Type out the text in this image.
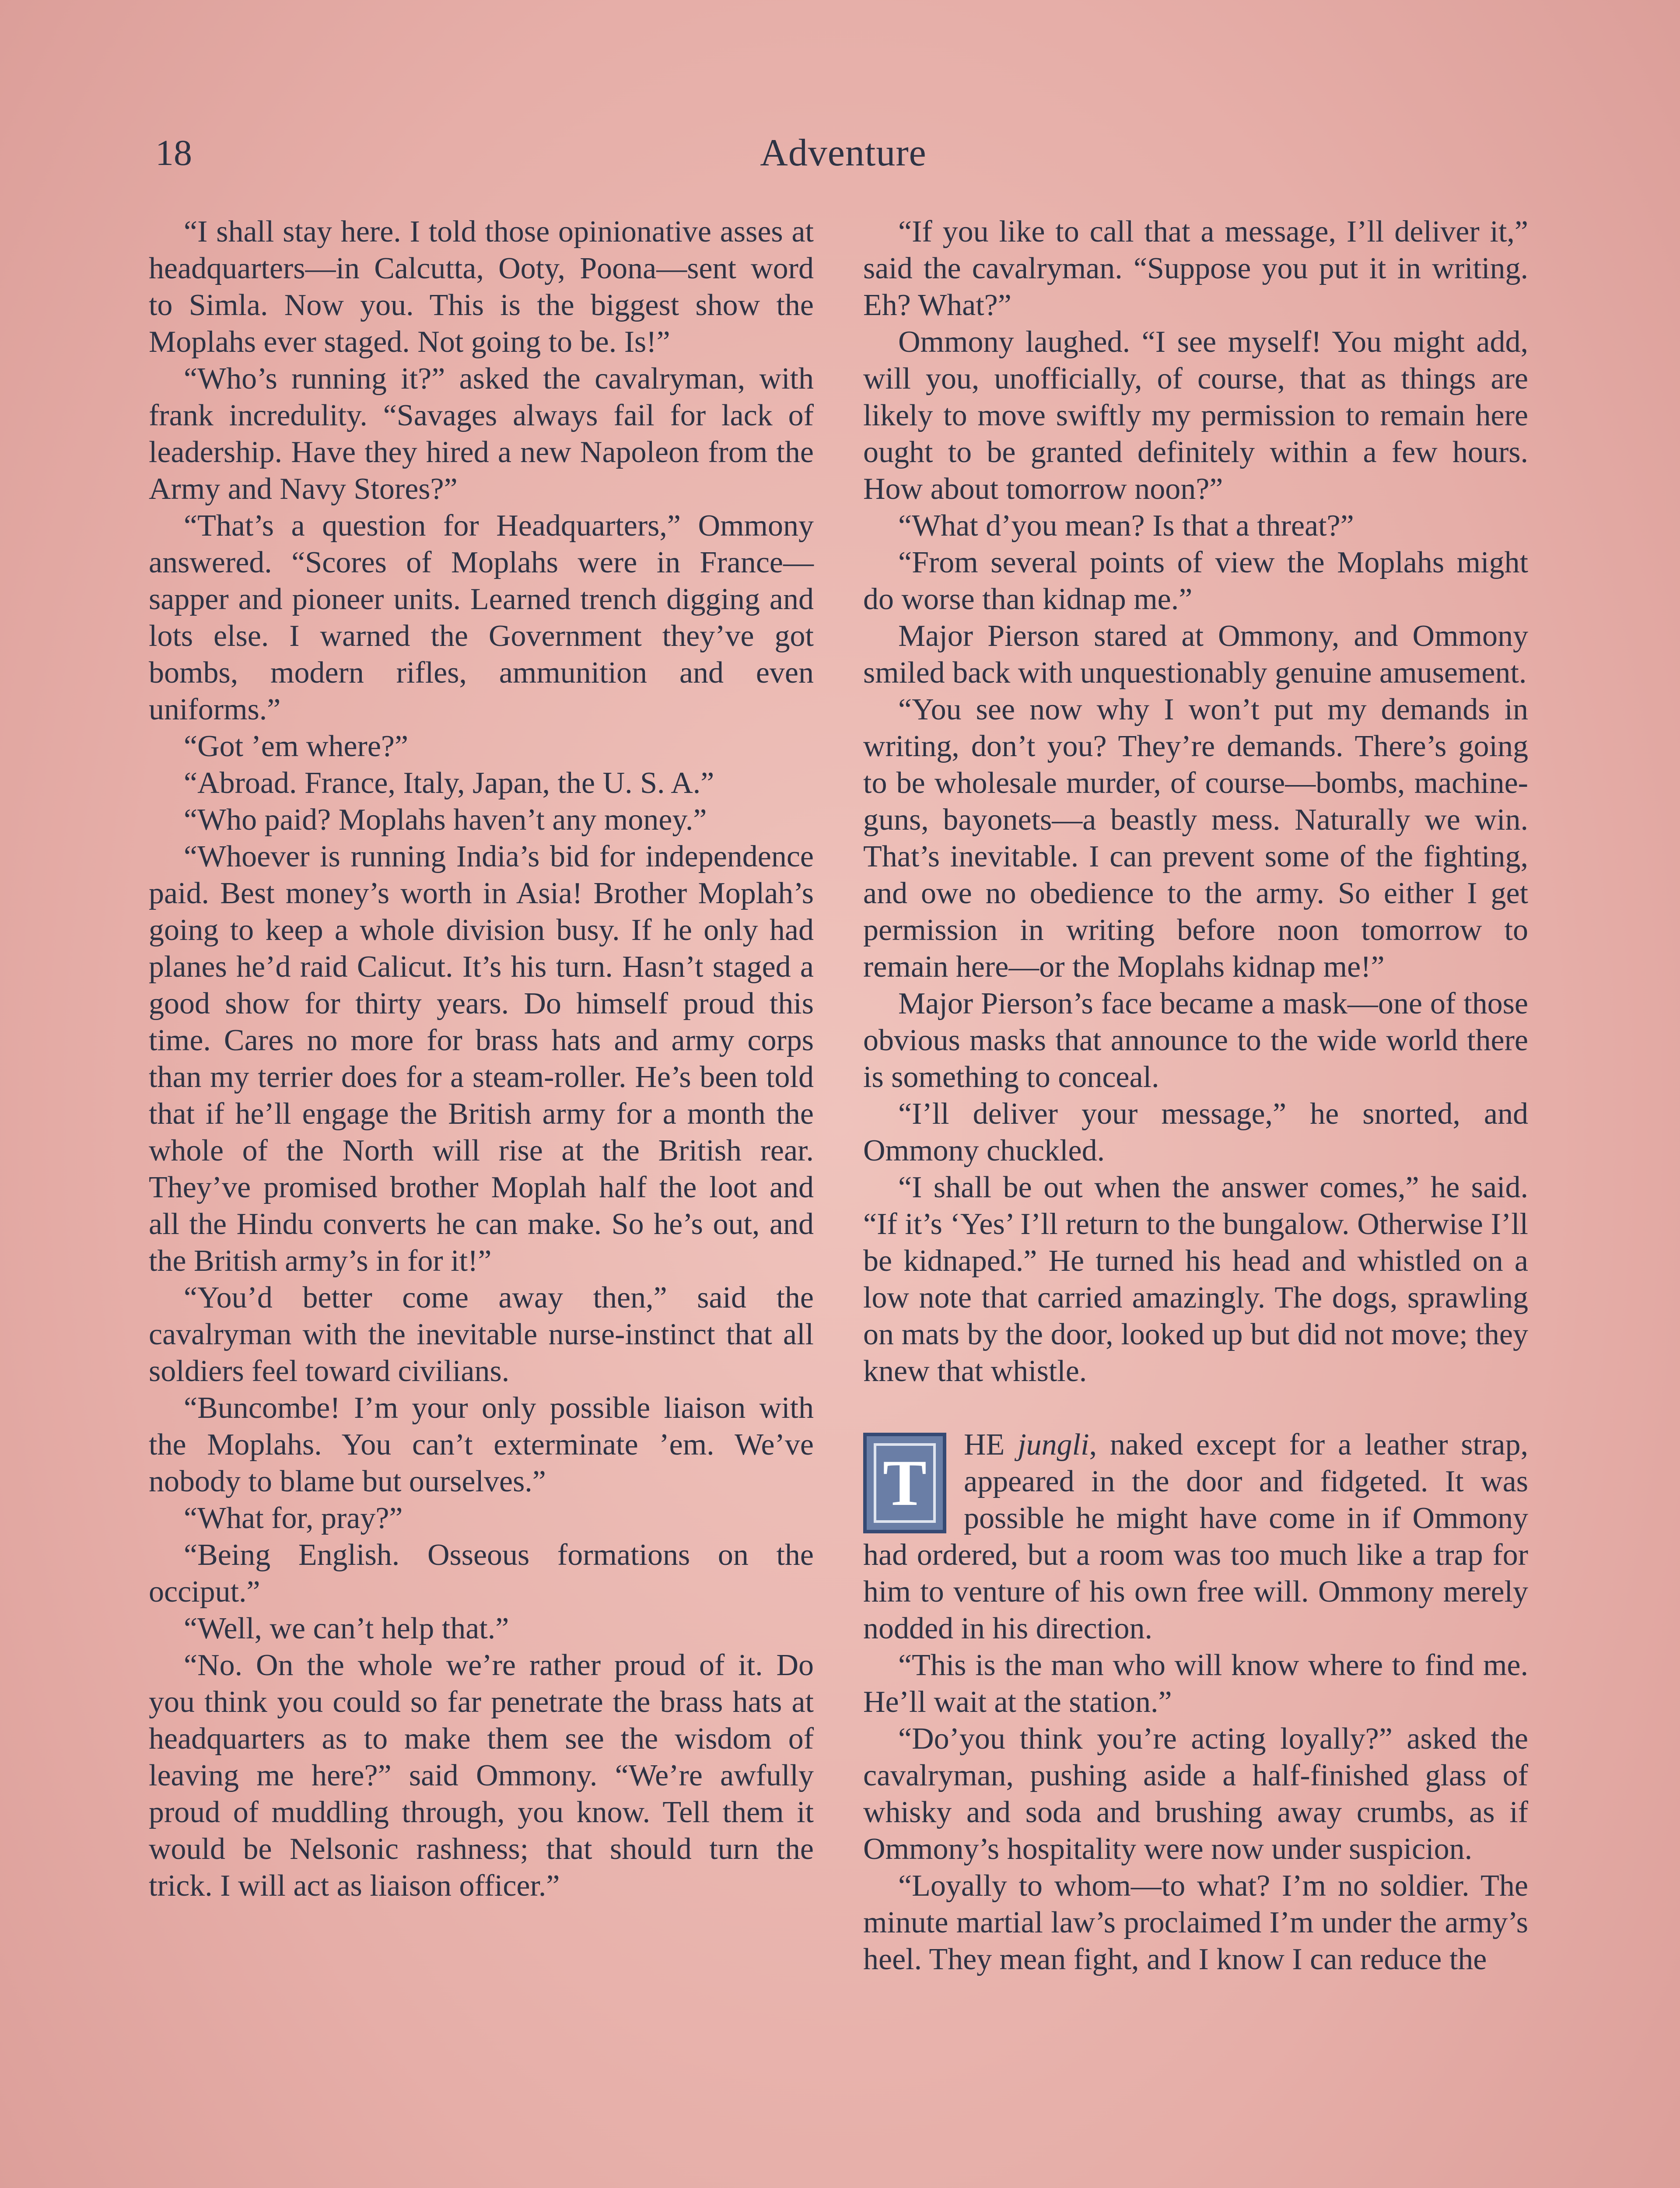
18	Adventure

“I shall stay here. I told those opinionative asses at headquarters—in Calcutta, Ooty, Poona—sent word to Simla. Now you. This is the biggest show the Moplahs ever staged. Not going to be. Is!”

“Who’s running it?” asked the cavalryman, with frank incredulity. “Savages always fail for lack of leadership. Have they hired a new Napoleon from the Army and Navy Stores?”

“That’s a question for Headquarters,” Ommony answered. “Scores of Moplahs were in France—sapper and pioneer units. Learned trench digging and lots else. I warned the Government they’ve got bombs, modern rifles, ammunition and even uniforms.”

“Got ’em where?”

“Abroad. France, Italy, Japan, the U. S. A.”

“Who paid? Moplahs haven’t any money.”

“Whoever is running India’s bid for independence paid. Best money’s worth in Asia! Brother Moplah’s going to keep a whole division busy. If he only had planes he’d raid Calicut. It’s his turn. Hasn’t staged a good show for thirty years. Do himself proud this time. Cares no more for brass hats and army corps than my terrier does for a steam-roller. He’s been told that if he’ll engage the British army for a month the whole of the North will rise at the British rear. They’ve promised brother Moplah half the loot and all the Hindu converts he can make. So he’s out, and the British army’s in for it!”

“You’d better come away then,” said the cavalryman with the inevitable nurse-instinct that all soldiers feel toward civilians.

“Buncombe! I’m your only possible liaison with the Moplahs. You can’t exterminate ’em. We’ve nobody to blame but ourselves.”

“What for, pray?”

“Being English. Osseous formations on the occiput.”

“Well, we can’t help that.”

“No. On the whole we’re rather proud of it. Do you think you could so far penetrate the brass hats at headquarters as to make them see the wisdom of leaving me here?” said Ommony. “We’re awfully proud of muddling through, you know. Tell them it would be Nelsonic rashness; that should turn the trick. I will act as liaison officer.”

“If you like to call that a message, I’ll deliver it,” said the cavalryman. “Suppose you put it in writing. Eh? What?”

Ommony laughed. “I see myself! You might add, will you, unofficially, of course, that as things are likely to move swiftly my permission to remain here ought to be granted definitely within a few hours. How about tomorrow noon?”

“What d’you mean? Is that a threat?”

“From several points of view the Moplahs might do worse than kidnap me.”

Major Pierson stared at Ommony, and Ommony smiled back with unquestionably genuine amusement.

“You see now why I won’t put my demands in writing, don’t you? They’re demands. There’s going to be wholesale murder, of course—bombs, machine-guns, bayonets—a beastly mess. Naturally we win. That’s inevitable. I can prevent some of the fighting, and owe no obedience to the army. So either I get permission in writing before noon tomorrow to remain here—or the Moplahs kidnap me!”

Major Pierson’s face became a mask—one of those obvious masks that announce to the wide world there is something to conceal.

“I’ll deliver your message,” he snorted, and Ommony chuckled.

“I shall be out when the answer comes,” he said. “If it’s ‘Yes’ I’ll return to the bungalow. Otherwise I’ll be kidnaped.” He turned his head and whistled on a low note that carried amazingly. The dogs, sprawling on mats by the door, looked up but did not move; they knew that whistle.

T
HE jungli, naked except for a leather strap, appeared in the door and fidgeted. It was possible he might have come in if Ommony had ordered, but a room was too much like a trap for him to venture of his own free will. Ommony merely nodded in his direction.

“This is the man who will know where to find me. He’ll wait at the station.”

“Do’you think you’re acting loyally?” asked the cavalryman, pushing aside a half-finished glass of whisky and soda and brushing away crumbs, as if Ommony’s hospitality were now under suspicion.

“Loyally to whom—to what? I’m no soldier. The minute martial law’s proclaimed I’m under the army’s heel. They mean fight, and I know I can reduce the
